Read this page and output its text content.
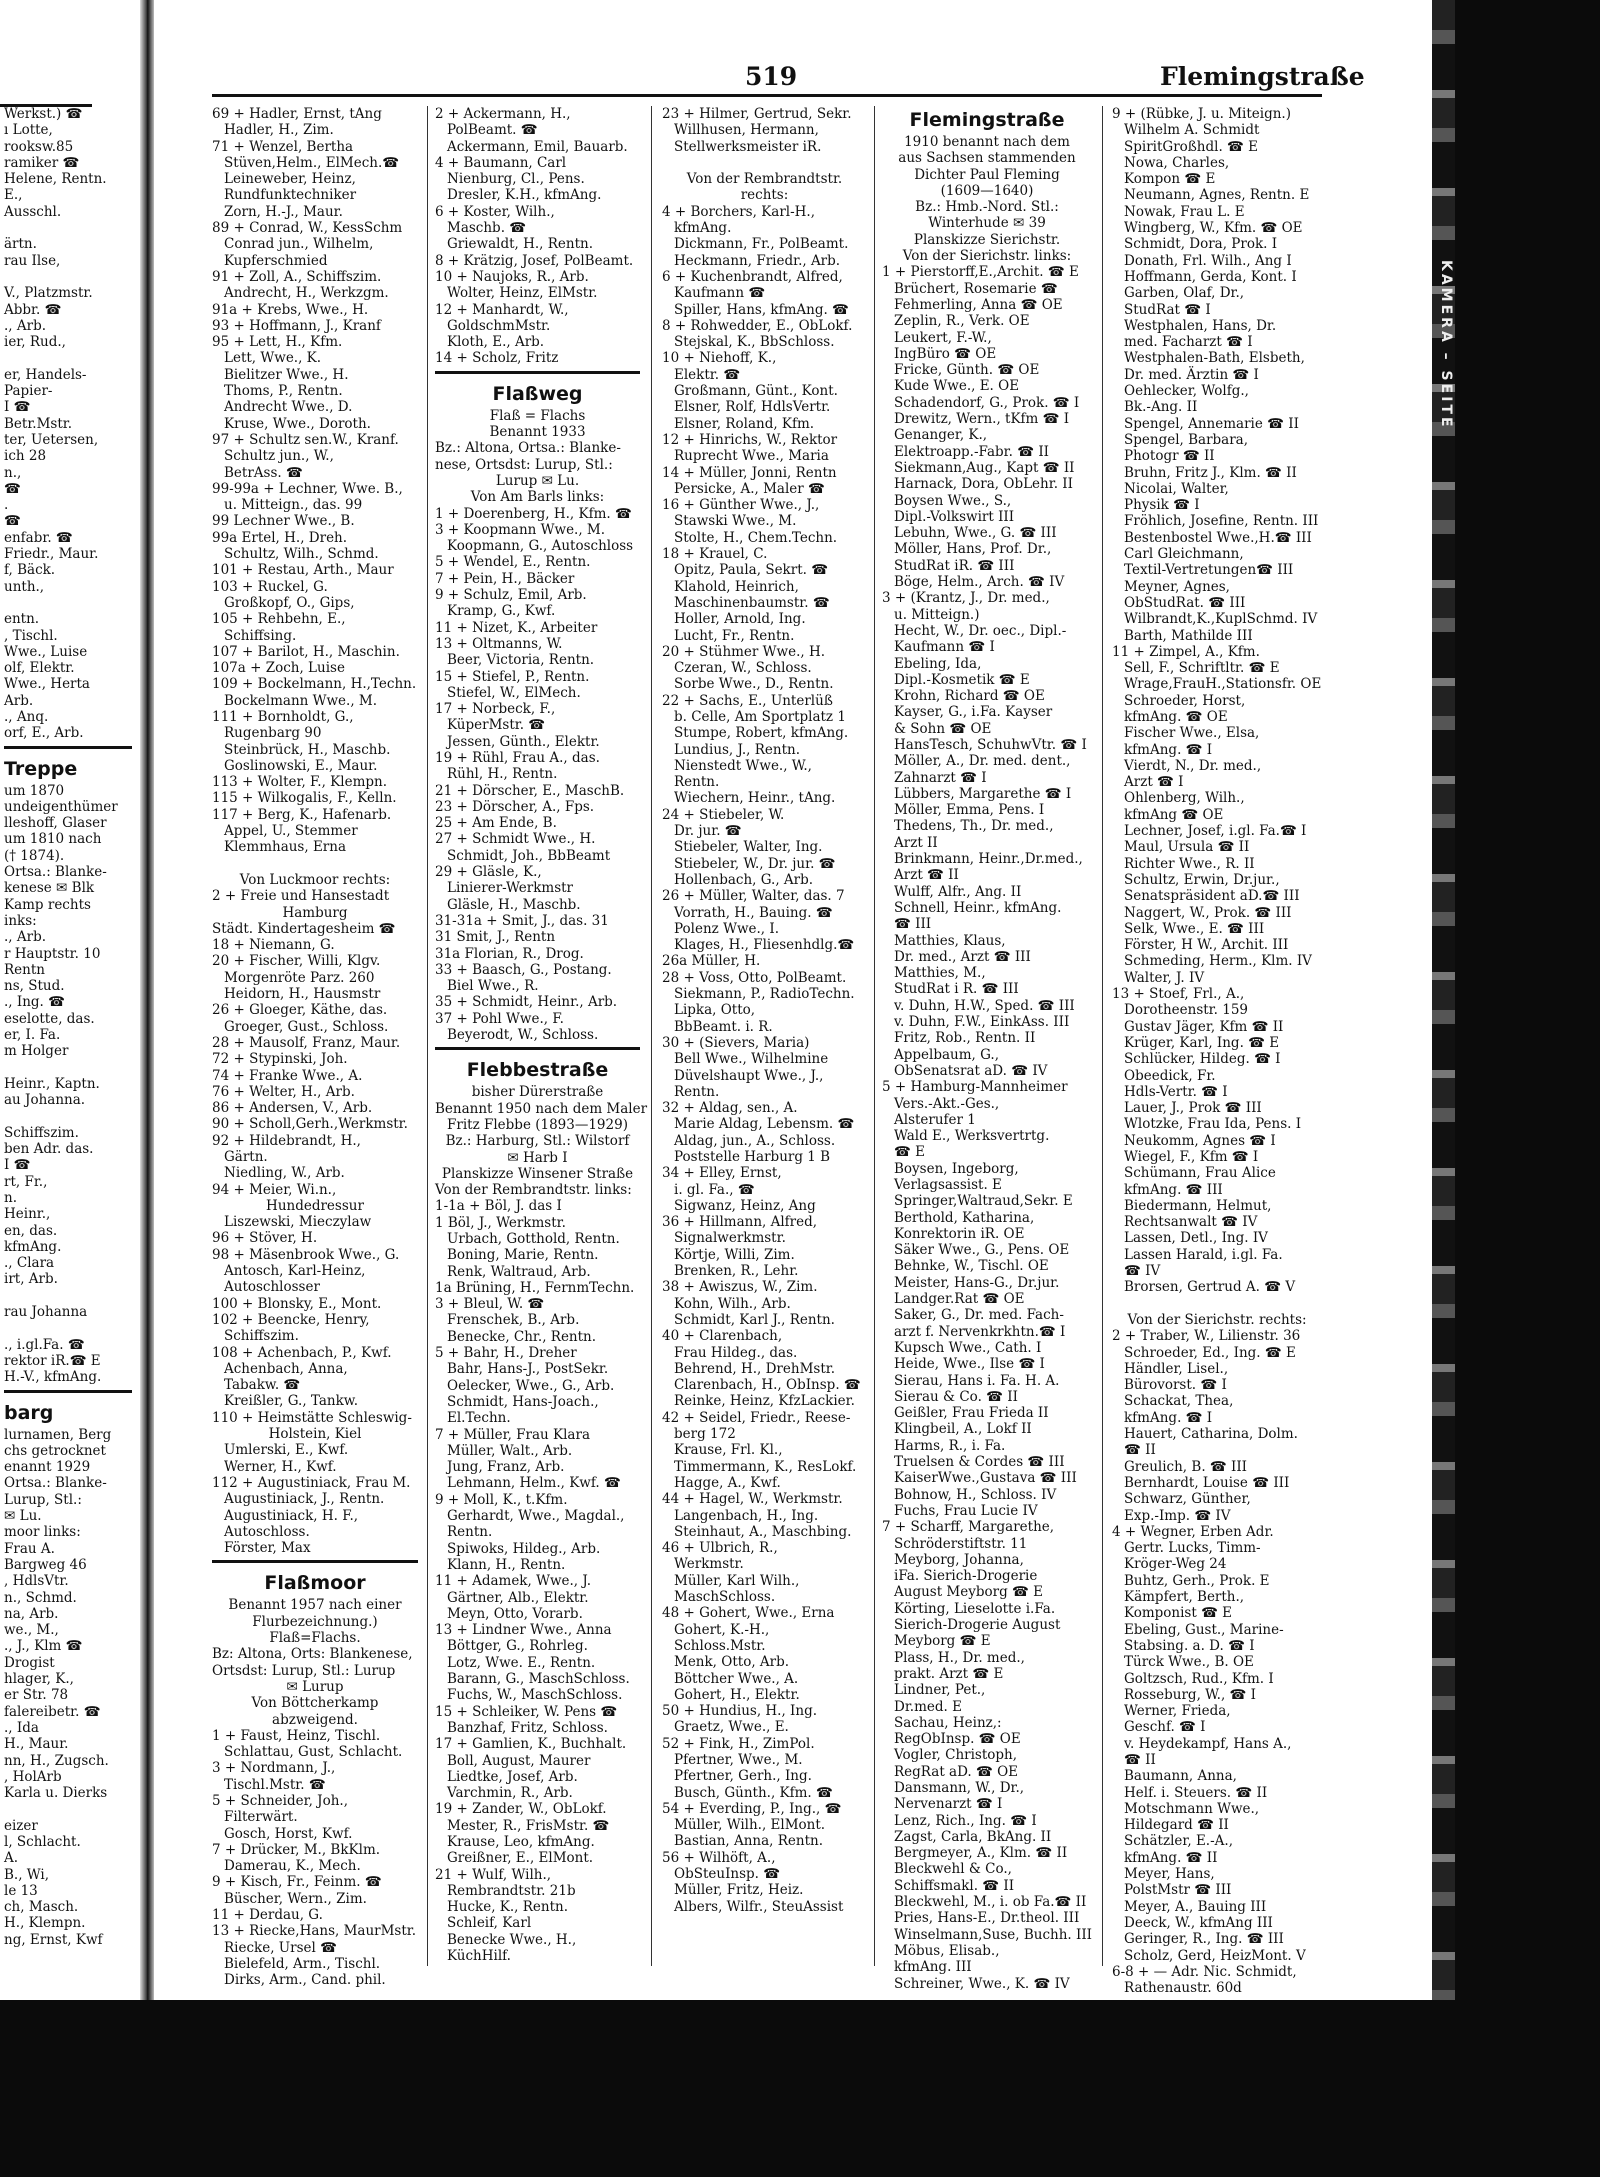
519	Flemingstraße
Werkst.) ☎
ı Lotte,
rooksw.85
ramiker ☎
Helene, Rentn.
E.,
Ausschl.

ärtn.
rau Ilse,

V., Platzmstr.
Abbr. ☎
., Arb.
ier, Rud.,

er, Handels-
Papier-
I ☎
Betr.Mstr.
ter, Uetersen,
ich 28
n.,
☎
.
☎
enfabr. ☎
Friedr., Maur.
f, Bäck.
unth.,

entn.
, Tischl.
Wwe., Luise
olf, Elektr.
Wwe., Herta
Arb.
., Anq.
orf, E., Arb.
Treppe
um 1870
undeigenthümer
lleshoff, Glaser
um 1810 nach
(† 1874).
Ortsa.: Blanke-
kenese ✉ Blk
Kamp rechts
inks:
., Arb.
r Hauptstr. 10
Rentn
ns, Stud.
., Ing. ☎
eselotte, das.
er, I. Fa.
m Holger

Heinr., Kaptn.
au Johanna.

Schiffszim.
ben Adr. das.
I ☎
rt, Fr.,
n.
Heinr.,
en, das.
kfmAng.
., Clara
irt, Arb.

rau Johanna

., i.gl.Fa. ☎
rektor iR.☎ E
H.-V., kfmAng.
barg
lurnamen, Berg
chs getrocknet
enannt 1929
Ortsa.: Blanke-
Lurup, Stl.:
✉ Lu.
moor links:
Frau A.
Bargweg 46
, HdlsVtr.
n., Schmd.
na, Arb.
we., M.,
., J., Klm ☎
Drogist
hlager, K.,
er Str. 78
falereibetr. ☎
., Ida
H., Maur.
nn, H., Zugsch.
, HolArb
Karla u. Dierks

eizer
l, Schlacht.
A.
B., Wi,
le 13
ch, Masch.
H., Klempn.
ng, Ernst, Kwf
69 + Hadler, Ernst, tAng
Hadler, H., Zim.
71 + Wenzel, Bertha
Stüven,Helm., ElMech.☎
Leineweber, Heinz,
Rundfunktechniker
Zorn, H.-J., Maur.
89 + Conrad, W., KessSchm
Conrad jun., Wilhelm,
Kupferschmied
91 + Zoll, A., Schiffszim.
Andrecht, H., Werkzgm.
91a + Krebs, Wwe., H.
93 + Hoffmann, J., Kranf
95 + Lett, H., Kfm.
Lett, Wwe., K.
Bielitzer Wwe., H.
Thoms, P., Rentn.
Andrecht Wwe., D.
Kruse, Wwe., Doroth.
97 + Schultz sen.W., Kranf.
Schultz jun., W.,
BetrAss. ☎
99-99a + Lechner, Wwe. B.,
u. Mitteign., das. 99
99 Lechner Wwe., B.
99a Ertel, H., Dreh.
Schultz, Wilh., Schmd.
101 + Restau, Arth., Maur
103 + Ruckel, G.
Großkopf, O., Gips,
105 + Rehbehn, E.,
Schiffsing.
107 + Barilot, H., Maschin.
107a + Zoch, Luise
109 + Bockelmann, H.,Techn.
Bockelmann Wwe., M.
111 + Bornholdt, G.,
Rugenbarg 90
Steinbrück, H., Maschb.
Goslinowski, E., Maur.
113 + Wolter, F., Klempn.
115 + Wilkogalis, F., Kelln.
117 + Berg, K., Hafenarb.
Appel, U., Stemmer
Klemmhaus, Erna

Von Luckmoor rechts:
2 + Freie und Hansestadt
Hamburg
Städt. Kindertagesheim ☎
18 + Niemann, G.
20 + Fischer, Willi, Klgv.
Morgenröte Parz. 260
Heidorn, H., Hausmstr
26 + Gloeger, Käthe, das.
Groeger, Gust., Schloss.
28 + Mausolf, Franz, Maur.
72 + Stypinski, Joh.
74 + Franke Wwe., A.
76 + Welter, H., Arb.
86 + Andersen, V., Arb.
90 + Scholl,Gerh.,Werkmstr.
92 + Hildebrandt, H.,
Gärtn.
Niedling, W., Arb.
94 + Meier, Wi.n.,
Hundedressur
Liszewski, Mieczylaw
96 + Stöver, H.
98 + Mäsenbrook Wwe., G.
Antosch, Karl-Heinz,
Autoschlosser
100 + Blonsky, E., Mont.
102 + Beencke, Henry,
Schiffszim.
108 + Achenbach, P., Kwf.
Achenbach, Anna,
Tabakw. ☎
Kreißler, G., Tankw.
110 + Heimstätte Schleswig-
Holstein, Kiel
Umlerski, E., Kwf.
Werner, H., Kwf.
112 + Augustiniack, Frau M.
Augustiniack, J., Rentn.
Augustiniack, H. F.,
Autoschloss.
Förster, Max
Flaßmoor
Benannt 1957 nach einer
Flurbezeichnung.)
Flaß=Flachs.
Bz: Altona, Orts: Blankenese,
Ortsdst: Lurup, Stl.: Lurup
✉ Lurup
Von Böttcherkamp
abzweigend.
1 + Faust, Heinz, Tischl.
Schlattau, Gust, Schlacht.
3 + Nordmann, J.,
Tischl.Mstr. ☎
5 + Schneider, Joh.,
Filterwärt.
Gosch, Horst, Kwf.
7 + Drücker, M., BkKlm.
Damerau, K., Mech.
9 + Kisch, Fr., Feinm. ☎
Büscher, Wern., Zim.
11 + Derdau, G.
13 + Riecke,Hans, MaurMstr.
Riecke, Ursel ☎
Bielefeld, Arm., Tischl.
Dirks, Arm., Cand. phil.
2 + Ackermann, H.,
PolBeamt. ☎
Ackermann, Emil, Bauarb.
4 + Baumann, Carl
Nienburg, Cl., Pens.
Dresler, K.H., kfmAng.
6 + Koster, Wilh.,
Maschb. ☎
Griewaldt, H., Rentn.
8 + Krätzig, Josef, PolBeamt.
10 + Naujoks, R., Arb.
Wolter, Heinz, ElMstr.
12 + Manhardt, W.,
GoldschmMstr.
Kloth, E., Arb.
14 + Scholz, Fritz
Flaßweg
Flaß = Flachs
Benannt 1933
Bz.: Altona, Ortsa.: Blanke-
nese, Ortsdst: Lurup, Stl.:
Lurup ✉ Lu.
Von Am Barls links:
1 + Doerenberg, H., Kfm. ☎
3 + Koopmann Wwe., M.
Koopmann, G., Autoschloss
5 + Wendel, E., Rentn.
7 + Pein, H., Bäcker
9 + Schulz, Emil, Arb.
Kramp, G., Kwf.
11 + Nizet, K., Arbeiter
13 + Oltmanns, W.
Beer, Victoria, Rentn.
15 + Stiefel, P., Rentn.
Stiefel, W., ElMech.
17 + Norbeck, F.,
KüperMstr. ☎
Jessen, Günth., Elektr.
19 + Rühl, Frau A., das.
Rühl, H., Rentn.
21 + Dörscher, E., MaschB.
23 + Dörscher, A., Fps.
25 + Am Ende, B.
27 + Schmidt Wwe., H.
Schmidt, Joh., BbBeamt
29 + Gläsle, K.,
Linierer-Werkmstr
Gläsle, H., Maschb.
31-31a + Smit, J., das. 31
31 Smit, J., Rentn
31a Florian, R., Drog.
33 + Baasch, G., Postang.
Biel Wwe., R.
35 + Schmidt, Heinr., Arb.
37 + Pohl Wwe., F.
Beyerodt, W., Schloss.
Flebbestraße
bisher Dürerstraße
Benannt 1950 nach dem Maler
Fritz Flebbe (1893—1929)
Bz.: Harburg, Stl.: Wilstorf
✉ Harb I
Planskizze Winsener Straße
Von der Rembrandtstr. links:
1-1a + Böl, J. das I
1 Böl, J., Werkmstr.
Urbach, Gotthold, Rentn.
Boning, Marie, Rentn.
Renk, Waltraud, Arb.
1a Brüning, H., FernmTechn.
3 + Bleul, W. ☎
Frenschek, B., Arb.
Benecke, Chr., Rentn.
5 + Bahr, H., Dreher
Bahr, Hans-J., PostSekr.
Oelecker, Wwe., G., Arb.
Schmidt, Hans-Joach.,
El.Techn.
7 + Müller, Frau Klara
Müller, Walt., Arb.
Jung, Franz, Arb.
Lehmann, Helm., Kwf. ☎
9 + Moll, K., t.Kfm.
Gerhardt, Wwe., Magdal.,
Rentn.
Spiwoks, Hildeg., Arb.
Klann, H., Rentn.
11 + Adamek, Wwe., J.
Gärtner, Alb., Elektr.
Meyn, Otto, Vorarb.
13 + Lindner Wwe., Anna
Böttger, G., Rohrleg.
Lotz, Wwe. E., Rentn.
Barann, G., MaschSchloss.
Fuchs, W., MaschSchloss.
15 + Schleiker, W. Pens ☎
Banzhaf, Fritz, Schloss.
17 + Gamlien, K., Buchhalt.
Boll, August, Maurer
Liedtke, Josef, Arb.
Varchmin, R., Arb.
19 + Zander, W., ObLokf.
Mester, R., FrisMstr. ☎
Krause, Leo, kfmAng.
Greißner, E., ElMont.
21 + Wulf, Wilh.,
Rembrandtstr. 21b
Hucke, K., Rentn.
Schleif, Karl
Benecke Wwe., H.,
KüchHilf.
23 + Hilmer, Gertrud, Sekr.
Willhusen, Hermann,
Stellwerksmeister iR.

Von der Rembrandtstr.
rechts:
4 + Borchers, Karl-H.,
kfmAng.
Dickmann, Fr., PolBeamt.
Heckmann, Friedr., Arb.
6 + Kuchenbrandt, Alfred,
Kaufmann ☎
Spiller, Hans, kfmAng. ☎
8 + Rohwedder, E., ObLokf.
Stejskal, K., BbSchloss.
10 + Niehoff, K.,
Elektr. ☎
Großmann, Günt., Kont.
Elsner, Rolf, HdlsVertr.
Elsner, Roland, Kfm.
12 + Hinrichs, W., Rektor
Ruprecht Wwe., Maria
14 + Müller, Jonni, Rentn
Persicke, A., Maler ☎
16 + Günther Wwe., J.,
Stawski Wwe., M.
Stolte, H., Chem.Techn.
18 + Krauel, C.
Opitz, Paula, Sekrt. ☎
Klahold, Heinrich,
Maschinenbaumstr. ☎
Holler, Arnold, Ing.
Lucht, Fr., Rentn.
20 + Stühmer Wwe., H.
Czeran, W., Schloss.
Sorbe Wwe., D., Rentn.
22 + Sachs, E., Unterlüß
b. Celle, Am Sportplatz 1
Stumpe, Robert, kfmAng.
Lundius, J., Rentn.
Nienstedt Wwe., W.,
Rentn.
Wiechern, Heinr., tAng.
24 + Stiebeler, W.
Dr. jur. ☎
Stiebeler, Walter, Ing.
Stiebeler, W., Dr. jur. ☎
Hollenbach, G., Arb.
26 + Müller, Walter, das. 7
Vorrath, H., Bauing. ☎
Polenz Wwe., I.
Klages, H., Fliesenhdlg.☎
26a Müller, H.
28 + Voss, Otto, PolBeamt.
Siekmann, P., RadioTechn.
Lipka, Otto,
BbBeamt. i. R.
30 + (Sievers, Maria)
Bell Wwe., Wilhelmine
Düvelshaupt Wwe., J.,
Rentn.
32 + Aldag, sen., A.
Marie Aldag, Lebensm. ☎
Aldag, jun., A., Schloss.
Poststelle Harburg 1 B
34 + Elley, Ernst,
i. gl. Fa., ☎
Sigwanz, Heinz, Ang
36 + Hillmann, Alfred,
Signalwerkmstr.
Körtje, Willi, Zim.
Brenken, R., Lehr.
38 + Awiszus, W., Zim.
Kohn, Wilh., Arb.
Schmidt, Karl J., Rentn.
40 + Clarenbach,
Frau Hildeg., das.
Behrend, H., DrehMstr.
Clarenbach, H., ObInsp. ☎
Reinke, Heinz, KfzLackier.
42 + Seidel, Friedr., Reese-
berg 172
Krause, Frl. Kl.,
Timmermann, K., ResLokf.
Hagge, A., Kwf.
44 + Hagel, W., Werkmstr.
Langenbach, H., Ing.
Steinhaut, A., Maschbing.
46 + Ulbrich, R.,
Werkmstr.
Müller, Karl Wilh.,
MaschSchloss.
48 + Gohert, Wwe., Erna
Gohert, K.-H.,
Schloss.Mstr.
Menk, Otto, Arb.
Böttcher Wwe., A.
Gohert, H., Elektr.
50 + Hundius, H., Ing.
Graetz, Wwe., E.
52 + Fink, H., ZimPol.
Pfertner, Wwe., M.
Pfertner, Gerh., Ing.
Busch, Günth., Kfm. ☎
54 + Everding, P., Ing., ☎
Müller, Wilh., ElMont.
Bastian, Anna, Rentn.
56 + Wilhöft, A.,
ObSteuInsp. ☎
Müller, Fritz, Heiz.
Albers, Wilfr., SteuAssist
Flemingstraße
1910 benannt nach dem
aus Sachsen stammenden
Dichter Paul Fleming
(1609—1640)
Bz.: Hmb.-Nord. Stl.:
Winterhude ✉ 39
Planskizze Sierichstr.
Von der Sierichstr. links:
1 + Pierstorff,E.,Archit. ☎ E
Brüchert, Rosemarie ☎
Fehmerling, Anna ☎ OE
Zeplin, R., Verk. OE
Leukert, F.-W.,
IngBüro ☎ OE
Fricke, Günth. ☎ OE
Kude Wwe., E. OE
Schadendorf, G., Prok. ☎ I
Drewitz, Wern., tKfm ☎ I
Genanger, K.,
Elektroapp.-Fabr. ☎ II
Siekmann,Aug., Kapt ☎ II
Harnack, Dora, ObLehr. II
Boysen Wwe., S.,
Dipl.-Volkswirt III
Lebuhn, Wwe., G. ☎ III
Möller, Hans, Prof. Dr.,
StudRat iR. ☎ III
Böge, Helm., Arch. ☎ IV
3 + (Krantz, J., Dr. med.,
u. Mitteign.)
Hecht, W., Dr. oec., Dipl.-
Kaufmann ☎ I
Ebeling, Ida,
Dipl.-Kosmetik ☎ E
Krohn, Richard ☎ OE
Kayser, G., i.Fa. Kayser
& Sohn ☎ OE
HansTesch, SchuhwVtr. ☎ I
Möller, A., Dr. med. dent.,
Zahnarzt ☎ I
Lübbers, Margarethe ☎ I
Möller, Emma, Pens. I
Thedens, Th., Dr. med.,
Arzt II
Brinkmann, Heinr.,Dr.med.,
Arzt ☎ II
Wulff, Alfr., Ang. II
Schnell, Heinr., kfmAng.
☎ III
Matthies, Klaus,
Dr. med., Arzt ☎ III
Matthies, M.,
StudRat i R. ☎ III
v. Duhn, H.W., Sped. ☎ III
v. Duhn, F.W., EinkAss. III
Fritz, Rob., Rentn. II
Appelbaum, G.,
ObSenatsrat aD. ☎ IV
5 + Hamburg-Mannheimer
Vers.-Akt.-Ges.,
Alsterufer 1
Wald E., Werksvertrtg.
☎ E
Boysen, Ingeborg,
Verlagsassist. E
Springer,Waltraud,Sekr. E
Berthold, Katharina,
Konrektorin iR. OE
Säker Wwe., G., Pens. OE
Behnke, W., Tischl. OE
Meister, Hans-G., Dr.jur.
Landger.Rat ☎ OE
Saker, G., Dr. med. Fach-
arzt f. Nervenkrkhtn.☎ I
Kupsch Wwe., Cath. I
Heide, Wwe., Ilse ☎ I
Sierau, Hans i. Fa. H. A.
Sierau & Co. ☎ II
Geißler, Frau Frieda II
Klingbeil, A., Lokf II
Harms, R., i. Fa.
Truelsen & Cordes ☎ III
KaiserWwe.,Gustava ☎ III
Bohnow, H., Schloss. IV
Fuchs, Frau Lucie IV
7 + Scharff, Margarethe,
Schröderstiftstr. 11
Meyborg, Johanna,
iFa. Sierich-Drogerie
August Meyborg ☎ E
Körting, Lieselotte i.Fa.
Sierich-Drogerie August
Meyborg ☎ E
Plass, H., Dr. med.,
prakt. Arzt ☎ E
Lindner, Pet.,
Dr.med. E
Sachau, Heinz,:
RegObInsp. ☎ OE
Vogler, Christoph,
RegRat aD. ☎ OE
Dansmann, W., Dr.,
Nervenarzt ☎ I
Lenz, Rich., Ing. ☎ I
Zagst, Carla, BkAng. II
Bergmeyer, A., Klm. ☎ II
Bleckwehl & Co.,
Schiffsmakl. ☎ II
Bleckwehl, M., i. ob Fa.☎ II
Pries, Hans-E., Dr.theol. III
Winselmann,Suse, Buchh. III
Möbus, Elisab.,
kfmAng. III
Schreiner, Wwe., K. ☎ IV
9 + (Rübke, J. u. Miteign.)
Wilhelm A. Schmidt
SpiritGroßhdl. ☎ E
Nowa, Charles,
Kompon ☎ E
Neumann, Agnes, Rentn. E
Nowak, Frau L. E
Wingberg, W., Kfm. ☎ OE
Schmidt, Dora, Prok. I
Donath, Frl. Wilh., Ang I
Hoffmann, Gerda, Kont. I
Garben, Olaf, Dr.,
StudRat ☎ I
Westphalen, Hans, Dr.
med. Facharzt ☎ I
Westphalen-Bath, Elsbeth,
Dr. med. Ärztin ☎ I
Oehlecker, Wolfg.,
Bk.-Ang. II
Spengel, Annemarie ☎ II
Spengel, Barbara,
Photogr ☎ II
Bruhn, Fritz J., Klm. ☎ II
Nicolai, Walter,
Physik ☎ I
Fröhlich, Josefine, Rentn. III
Bestenbostel Wwe.,H.☎ III
Carl Gleichmann,
Textil-Vertretungen☎ III
Meyner, Agnes,
ObStudRat. ☎ III
Wilbrandt,K.,KuplSchmd. IV
Barth, Mathilde III
11 + Zimpel, A., Kfm.
Sell, F., Schriftltr. ☎ E
Wrage,FrauH.,Stationsfr. OE
Schroeder, Horst,
kfmAng. ☎ OE
Fischer Wwe., Elsa,
kfmAng. ☎ I
Vierdt, N., Dr. med.,
Arzt ☎ I
Ohlenberg, Wilh.,
kfmAng ☎ OE
Lechner, Josef, i.gl. Fa.☎ I
Maul, Ursula ☎ II
Richter Wwe., R. II
Schultz, Erwin, Dr.jur.,
Senatspräsident aD.☎ III
Naggert, W., Prok. ☎ III
Selk, Wwe., E. ☎ III
Förster, H W., Archit. III
Schmeding, Herm., Klm. IV
Walter, J. IV
13 + Stoef, Frl., A.,
Dorotheenstr. 159
Gustav Jäger, Kfm ☎ II
Krüger, Karl, Ing. ☎ E
Schlücker, Hildeg. ☎ I
Obeedick, Fr.
Hdls-Vertr. ☎ I
Lauer, J., Prok ☎ III
Wlotzke, Frau Ida, Pens. I
Neukomm, Agnes ☎ I
Wiegel, F., Kfm ☎ I
Schümann, Frau Alice
kfmAng. ☎ III
Biedermann, Helmut,
Rechtsanwalt ☎ IV
Lassen, Detl., Ing. IV
Lassen Harald, i.gl. Fa.
☎ IV
Brorsen, Gertrud A. ☎ V

Von der Sierichstr. rechts:
2 + Traber, W., Lilienstr. 36
Schroeder, Ed., Ing. ☎ E
Händler, Lisel.,
Bürovorst. ☎ I
Schackat, Thea,
kfmAng. ☎ I
Hauert, Catharina, Dolm.
☎ II
Greulich, B. ☎ III
Bernhardt, Louise ☎ III
Schwarz, Günther,
Exp.-Imp. ☎ IV
4 + Wegner, Erben Adr.
Gertr. Lucks, Timm-
Kröger-Weg 24
Buhtz, Gerh., Prok. E
Kämpfert, Berth.,
Komponist ☎ E
Ebeling, Gust., Marine-
Stabsing. a. D. ☎ I
Türck Wwe., B. OE
Goltzsch, Rud., Kfm. I
Rosseburg, W., ☎ I
Werner, Frieda,
Geschf. ☎ I
v. Heydekampf, Hans A.,
☎ II
Baumann, Anna,
Helf. i. Steuers. ☎ II
Motschmann Wwe.,
Hildegard ☎ II
Schätzler, E.-A.,
kfmAng. ☎ II
Meyer, Hans,
PolstMstr ☎ III
Meyer, A., Bauing III
Deeck, W., kfmAng III
Geringer, R., Ing. ☎ III
Scholz, Gerd, HeizMont. V
6-8 + — Adr. Nic. Schmidt,
Rathenaustr. 60d
KAMERA – SEITE
